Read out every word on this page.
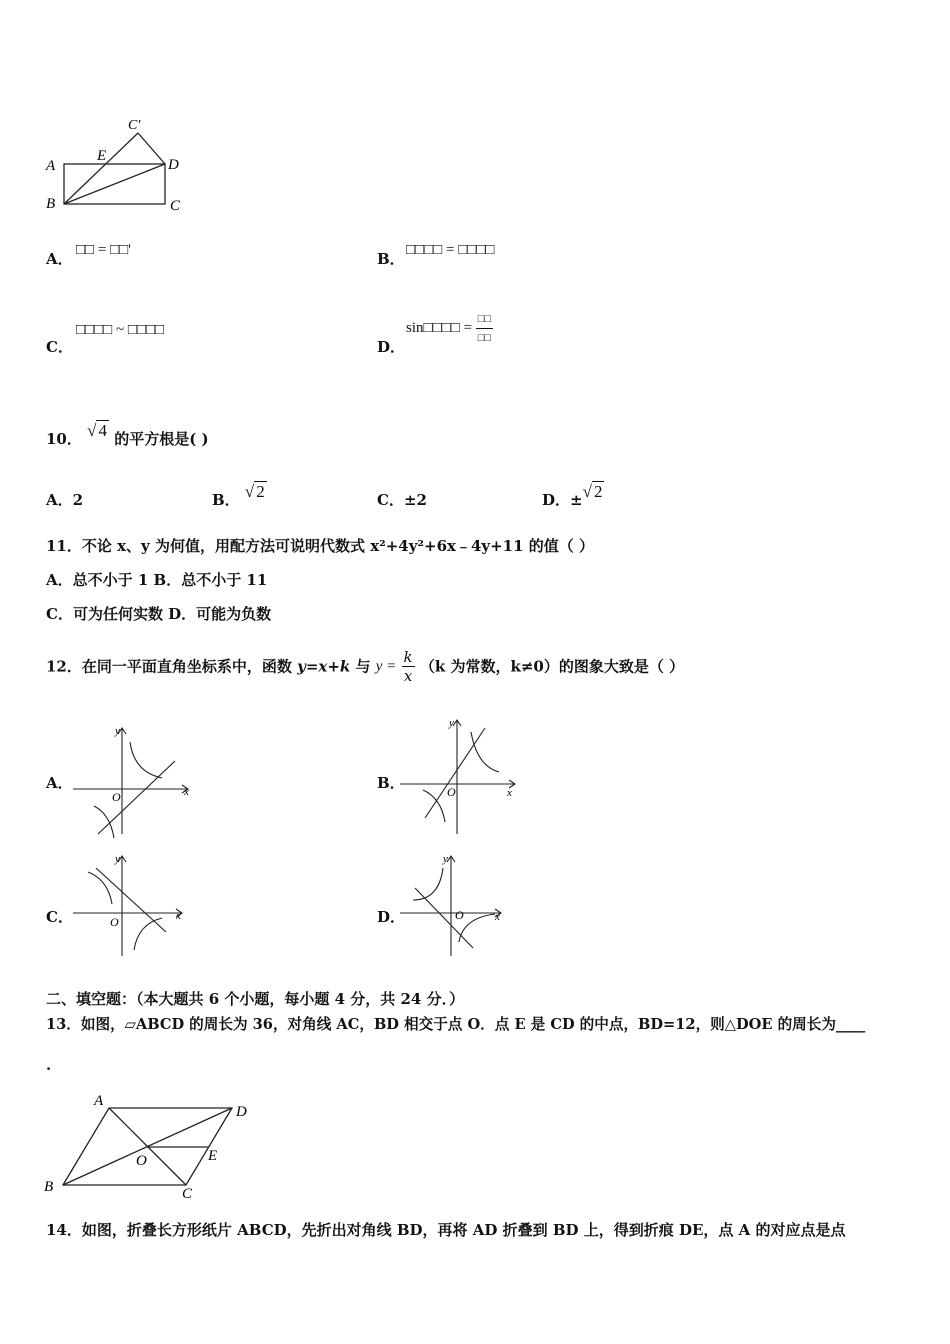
C'
A
E
D
B	C
A． □□ = □□'	B． □□□□ = □□□□
C．
□□□□ ~ □□□□
D．
sin□□□□ = $\frac{□□}{□□}$
10． √ 4 的平方根是( )
A．2	B． √ 2	C．±2	D．±√ 2
11．不论 x、y 为何值，用配方法可说明代数式 x²+4y²+6x﹣4y+11 的值（ ）
A．总不小于 1 B．总不小于 11
C．可为任何实数 D．可能为负数
12．在同一平面直角坐标系中，函数 y=x+k 与 $y = \frac{k}{x} (k$ 为常数，k≠0）的图象大致是（ ）
A．
y
x
O
B．
y
x
O
C．
y
x
O	D．
y
x
O
二、填空题：（本大题共 6 个小题，每小题 4 分，共 24 分．）
13．如图，▱ABCD 的周长为 36，对角线 AC，BD 相交于点 O．点 E 是 CD 的中点，BD=12，则△DOE 的周长为____
.
A
D
O	E
B	C
14．如图，折叠长方形纸片 ABCD，先折出对角线 BD，再将 AD 折叠到 BD 上，得到折痕 DE，点 A 的对应点是点
